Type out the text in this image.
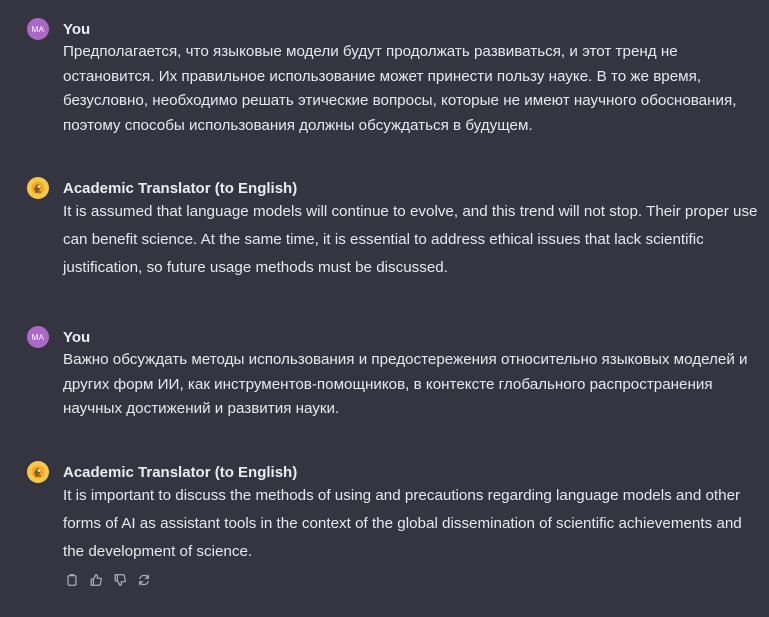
MA You
Предполагается, что языковые модели будут продолжать развиваться, и этот тренд не остановится. Их правильное использование может принести пользу науке. В то же время, безусловно, необходимо решать этические вопросы, которые не имеют научного обоснования, поэтому способы использования должны обсуждаться в будущем.
Academic Translator (to English)
It is assumed that language models will continue to evolve, and this trend will not stop. Their proper use can benefit science. At the same time, it is essential to address ethical issues that lack scientific justification, so future usage methods must be discussed.
MA You
Важно обсуждать методы использования и предостережения относительно языковых моделей и других форм ИИ, как инструментов-помощников, в контексте глобального распространения научных достижений и развития науки.
Academic Translator (to English)
It is important to discuss the methods of using and precautions regarding language models and other forms of AI as assistant tools in the context of the global dissemination of scientific achievements and the development of science.
